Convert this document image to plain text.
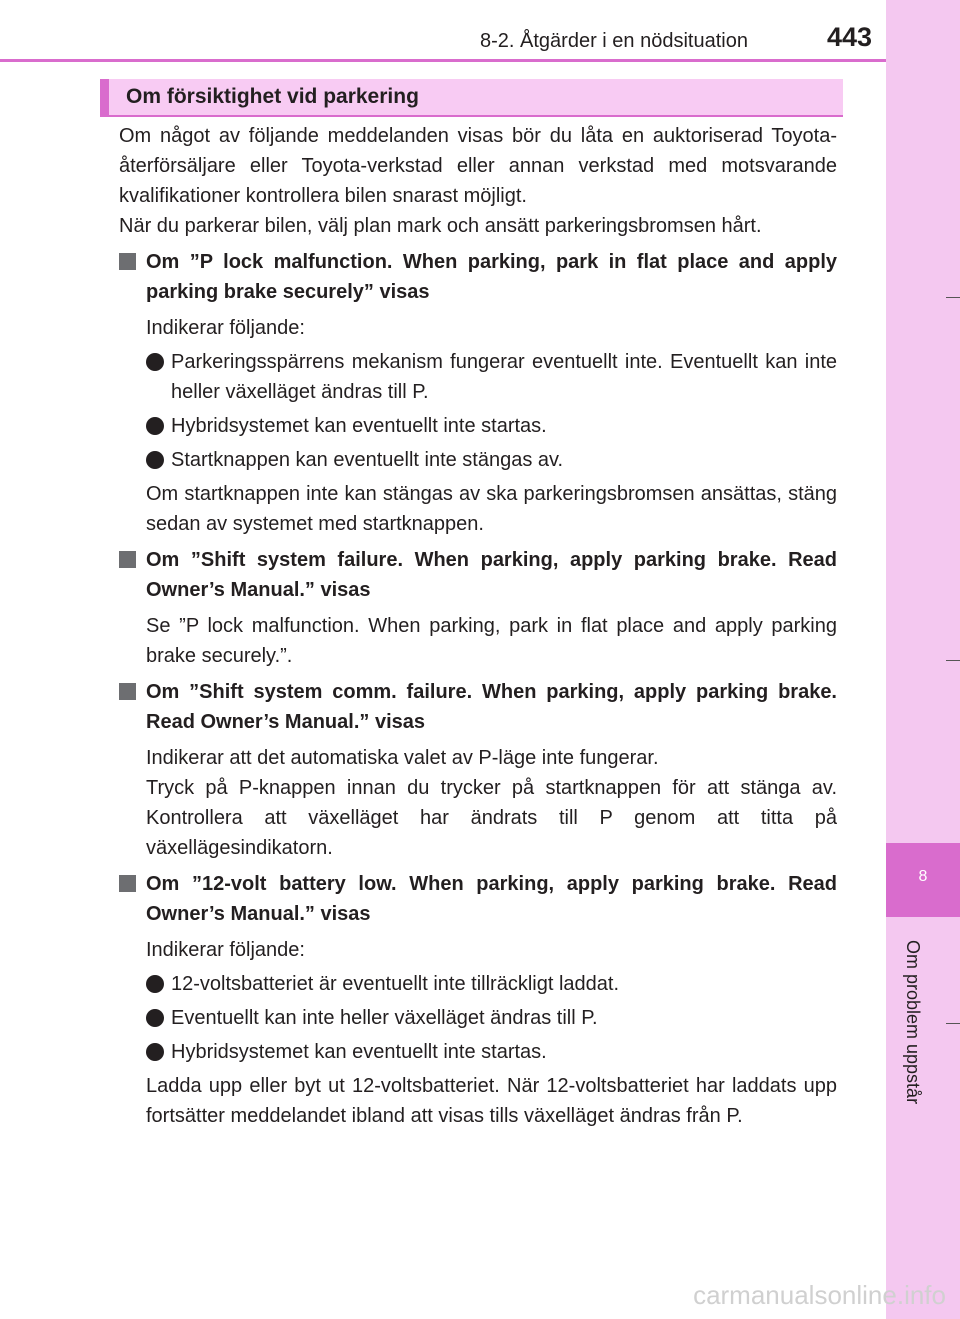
8
Om problem uppstår
8-2. Åtgärder i en nödsituation	443
Om försiktighet vid parkering

Om något av följande meddelanden visas bör du låta en auktoriserad Toyota-återförsäljare eller Toyota-verkstad eller annan verkstad med motsvarande kvalifikationer kontrollera bilen snarast möjligt.

När du parkerar bilen, välj plan mark och ansätt parkeringsbromsen hårt.

Om ”P lock malfunction. When parking, park in flat place and apply parking brake securely” visas

Indikerar följande:

Parkeringsspärrens mekanism fungerar eventuellt inte. Eventuellt kan inte heller växelläget ändras till P.
Hybridsystemet kan eventuellt inte startas.
Startknappen kan eventuellt inte stängas av.

Om startknappen inte kan stängas av ska parkeringsbromsen ansättas, stäng sedan av systemet med startknappen.

Om ”Shift system failure. When parking, apply parking brake. Read Owner’s Manual.” visas

Se ”P lock malfunction. When parking, park in flat place and apply parking brake securely.”.

Om ”Shift system comm. failure. When parking, apply parking brake. Read Owner’s Manual.” visas

Indikerar att det automatiska valet av P-läge inte fungerar.

Tryck på P-knappen innan du trycker på startknappen för att stänga av. Kontrollera att växelläget har ändrats till P genom att titta på växellägesindikatorn.

Om ”12-volt battery low. When parking, apply parking brake. Read Owner’s Manual.” visas

Indikerar följande:

12-voltsbatteriet är eventuellt inte tillräckligt laddat.
Eventuellt kan inte heller växelläget ändras till P.
Hybridsystemet kan eventuellt inte startas.

Ladda upp eller byt ut 12-voltsbatteriet. När 12-voltsbatteriet har laddats upp fortsätter meddelandet ibland att visas tills växelläget ändras från P.

carmanualsonline.info
